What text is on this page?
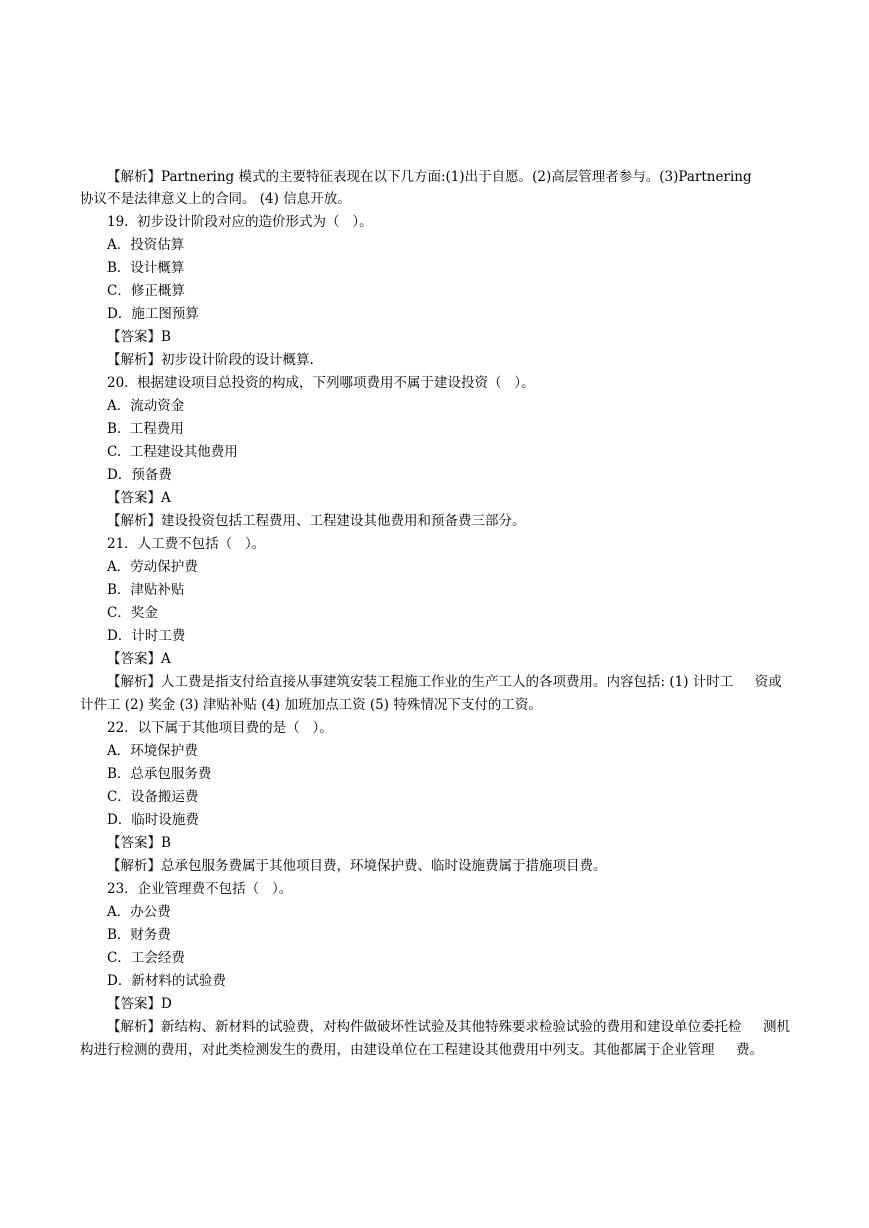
【解析】Partnering 模式的主要特征表现在以下几方面:(1)出于自愿。(2)高层管理者参与。(3)Partnering
协议不是法律意义上的合同。 (4) 信息开放。
19.  初步设计阶段对应的造价形式为（   ）。
A．投资估算
B．设计概算
C．修正概算
D．施工图预算
【答案】B
【解析】初步设计阶段的设计概算.
20.  根据建设项目总投资的构成，下列哪项费用不属于建设投资（   ）。
A．流动资金
B.  工程费用
C.  工程建设其他费用
D．预备费
【答案】A
【解析】建设投资包括工程费用、工程建设其他费用和预备费三部分。
21．人工费不包括（   ）。
A．劳动保护费
B．津贴补贴
C．奖金
D．计时工费
【答案】A
【解析】人工费是指支付给直接从事建筑安装工程施工作业的生产工人的各项费用。内容包括: (1) 计时工     资或
计件工 (2) 奖金 (3) 津贴补贴 (4) 加班加点工资 (5) 特殊情况下支付的工资。
22．以下属于其他项目费的是（   ）。
A．环境保护费
B．总承包服务费
C．设备搬运费
D．临时设施费
【答案】B
【解析】总承包服务费属于其他项目费，环境保护费、临时设施费属于措施项目费。
23．企业管理费不包括（   ）。
A．办公费
B．财务费
C．工会经费
D．新材料的试验费
【答案】D
【解析】新结构、新材料的试验费，对构件做破坏性试验及其他特殊要求检验试验的费用和建设单位委托检     测机
构进行检测的费用，对此类检测发生的费用，由建设单位在工程建设其他费用中列支。其他都属于企业管理     费。
